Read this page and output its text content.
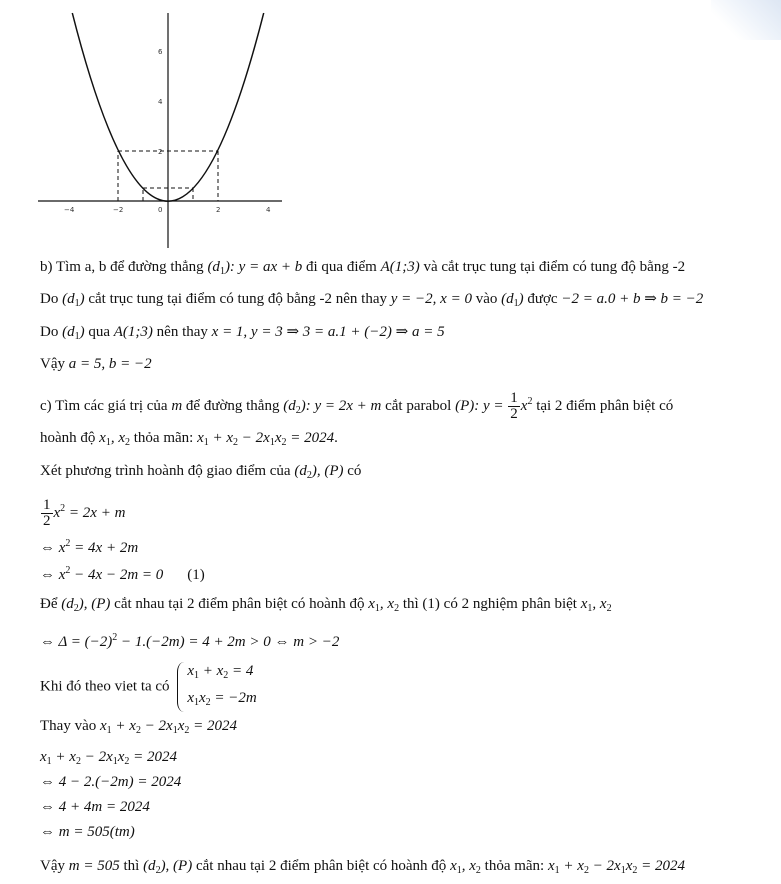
−4	−2	0	2	4
6
4
2
b) Tìm a, b để đường thẳng $(d_1)$: y = ax + b đi qua điểm A(1;3) và cắt trục tung tại điểm có tung độ bằng -2
Do $(d_1)$ cắt trục tung tại điểm có tung độ bằng -2 nên thay y = −2, x = 0 vào $(d_1)$ được −2 = a.0 + b ⇒ b = −2
Do $(d_1)$ qua A(1;3) nên thay x = 1, y = 3 ⇒ 3 = a.1 + (−2) ⇒ a = 5
Vậy a = 5, b = −2
c) Tìm các giá trị của m để đường thẳng $(d_2)$: y = 2x + m cắt parabol (P): $y = \frac{1}{2} x^2$ tại 2 điểm phân biệt có
hoành độ $x_1$, $x_2$ thỏa mãn: $x_1 + x_2 - 2x_1x_2 = 2024$.
Xét phương trình hoành độ giao điểm của $(d_2)$, (P) có
$\frac{1}{2} x^2 = 2x + m$
⇔ $x^2 = 4x + 2m$
⇔ $x^2 - 4x - 2m = 0$ (1)
Để $(d_2)$, (P) cắt nhau tại 2 điểm phân biệt có hoành độ $x_1$, $x_2$ thì (1) có 2 nghiệm phân biệt $x_1$, $x_2$
⇔ $\Delta = (-2)^2 - 1.(-2m) = 4 + 2m > 0$ ⇔ m > −2
Khi đó theo viet ta có
$x_1 + x_2 = 4$
$x_1x_2 = -2m$
Thay vào $x_1 + x_2 - 2x_1x_2 = 2024$
$x_1 + x_2 - 2x_1x_2 = 2024$
⇔ 4 − 2.(−2m) = 2024
⇔ 4 + 4m = 2024
⇔ m = 505(tm)
Vậy m = 505 thì $(d_2)$, (P) cắt nhau tại 2 điểm phân biệt có hoành độ $x_1$, $x_2$ thỏa mãn: $x_1 + x_2 - 2x_1x_2 = 2024$
